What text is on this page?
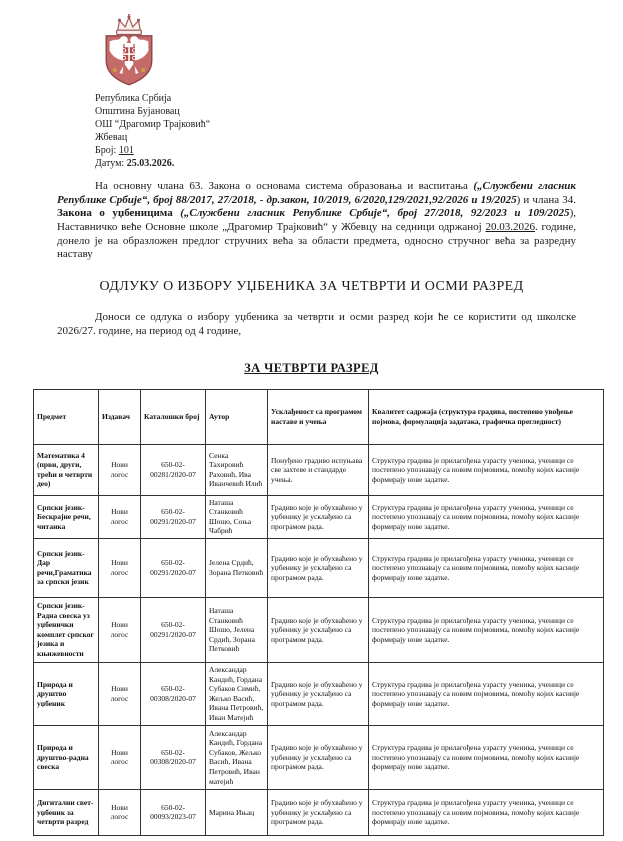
Република Србија
Општина Бујановац
ОШ “Драгомир Трајковић“
Жбевац
Број: 101
Датум: 25.03.2026.

На основну члана 63. Закона о основама система образовања и васпитања („Службени гласник Републике Србије“, број 88/2017, 27/2018, - др.закон, 10/2019, 6/2020,129/2021,92/2026 и 19/2025) и члана 34. Закона о уџбеницима („Службени гласник Републике Србије“, број 27/2018, 92/2023 и 109/2025), Наставничко веће Основне школе „Драгомир Трајковић“ у Жбевцу на седници одржаној 20.03.2026. године, донело је на образложен предлог стручних већа за области предмета, односно стручног већа за разредну наставу

ОДЛУКУ О ИЗБОРУ УЏБЕНИКА ЗА ЧЕТВРТИ И ОСМИ РАЗРЕД

Доноси се одлука о избору уџбеника за четврти и осми разред који ће се користити од школске 2026/27. године, на период од 4 године,

ЗА ЧЕТВРТИ РАЗРЕД
Предмет	Издавач	Каталошки број	Аутор	Усклађеност са програмом наставе и учења	Квалитет садржаја (структура градива, постепено увођење појмова, формулација задатака, графичка прегледност)
Математика 4 (први, други, трећи и четврти део)	Нови логос	650-02-00281/2020-07	Сенка Тахировић Раховић, Ива Иванчевић Илић	Понуђено градиво испуњава све захтеве и стандарде учења.	Структура градива је прилагођена узрасту ученика, ученици се постепено упознавају са новим појмовима, помоћу којих касније формирају нове задатке.
Српски језик-Бескрајне речи, читанка	Нови логос	650-02-00291/2020-07	Наташа Станковић Шошо, Соња Чабрић	Градиво које је обухваћено у уџбенику је усклађено са програмом рада.	Структура градива је прилагођена узрасту ученика, ученици се постепено упознавају са новим појмовима, помоћу којих касније формирају нове задатке.
Српски језик-Дар речи,Граматика за српски језик	Нови логос	650-02-00291/2020-07	Јелена Срдић, Зорана Петковић	Градиво које је обухваћено у уџбенику је усклађено са програмом рада.	Структура градива је прилагођена узрасту ученика, ученици се постепено упознавају са новим појмовима, помоћу којих касније формирају нове задатке.
Српски језик-Радна свеска уз уџбенички комплет српског језика и књижевности	Нови логос	650-02-00291/2020-07	Наташа Станковић Шошо, Јелена Срдић, Зорана Петковић	Градиво које је обухваћено у уџбенику је усклађено са програмом рада.	Структура градива је прилагођена узрасту ученика, ученици се постепено упознавају са новим појмовима, помоћу којих касније формирају нове задатке.
Природа и друштво уџбеник	Нови логос	650-02-00308/2020-07	Александар Кандић, Гордана Субаков Симић, Жељко Васић, Ивана Петровић, Иван Матејић	Градиво које је обухваћено у уџбенику је усклађено са програмом рада.	Структура градива је прилагођена узрасту ученика, ученици се постепено упознавају са новим појмовима, помоћу којих касније формирају нове задатке.
Природа и друштво-радна свеска	Нови логос	650-02-00308/2020-07	Александар Кандић, Гордана Субаков, Жељко Васић, Ивана Петровић, Иван матејић	Градиво које је обухваћено у уџбенику је усклађено са програмом рада.	Структура градива је прилагођена узрасту ученика, ученици се постепено упознавају са новим појмовима, помоћу којих касније формирају нове задатке.
Дигитални свет-уџбеник за четврти разред	Нови логос	650-02-00093/2023-07	Марина Ињац	Градиво које је обухваћено у уџбенику је усклађено са програмом рада.	Структура градива је прилагођена узрасту ученика, ученици се постепено упознавају са новим појмовима, помоћу којих касније формирају нове задатке.
